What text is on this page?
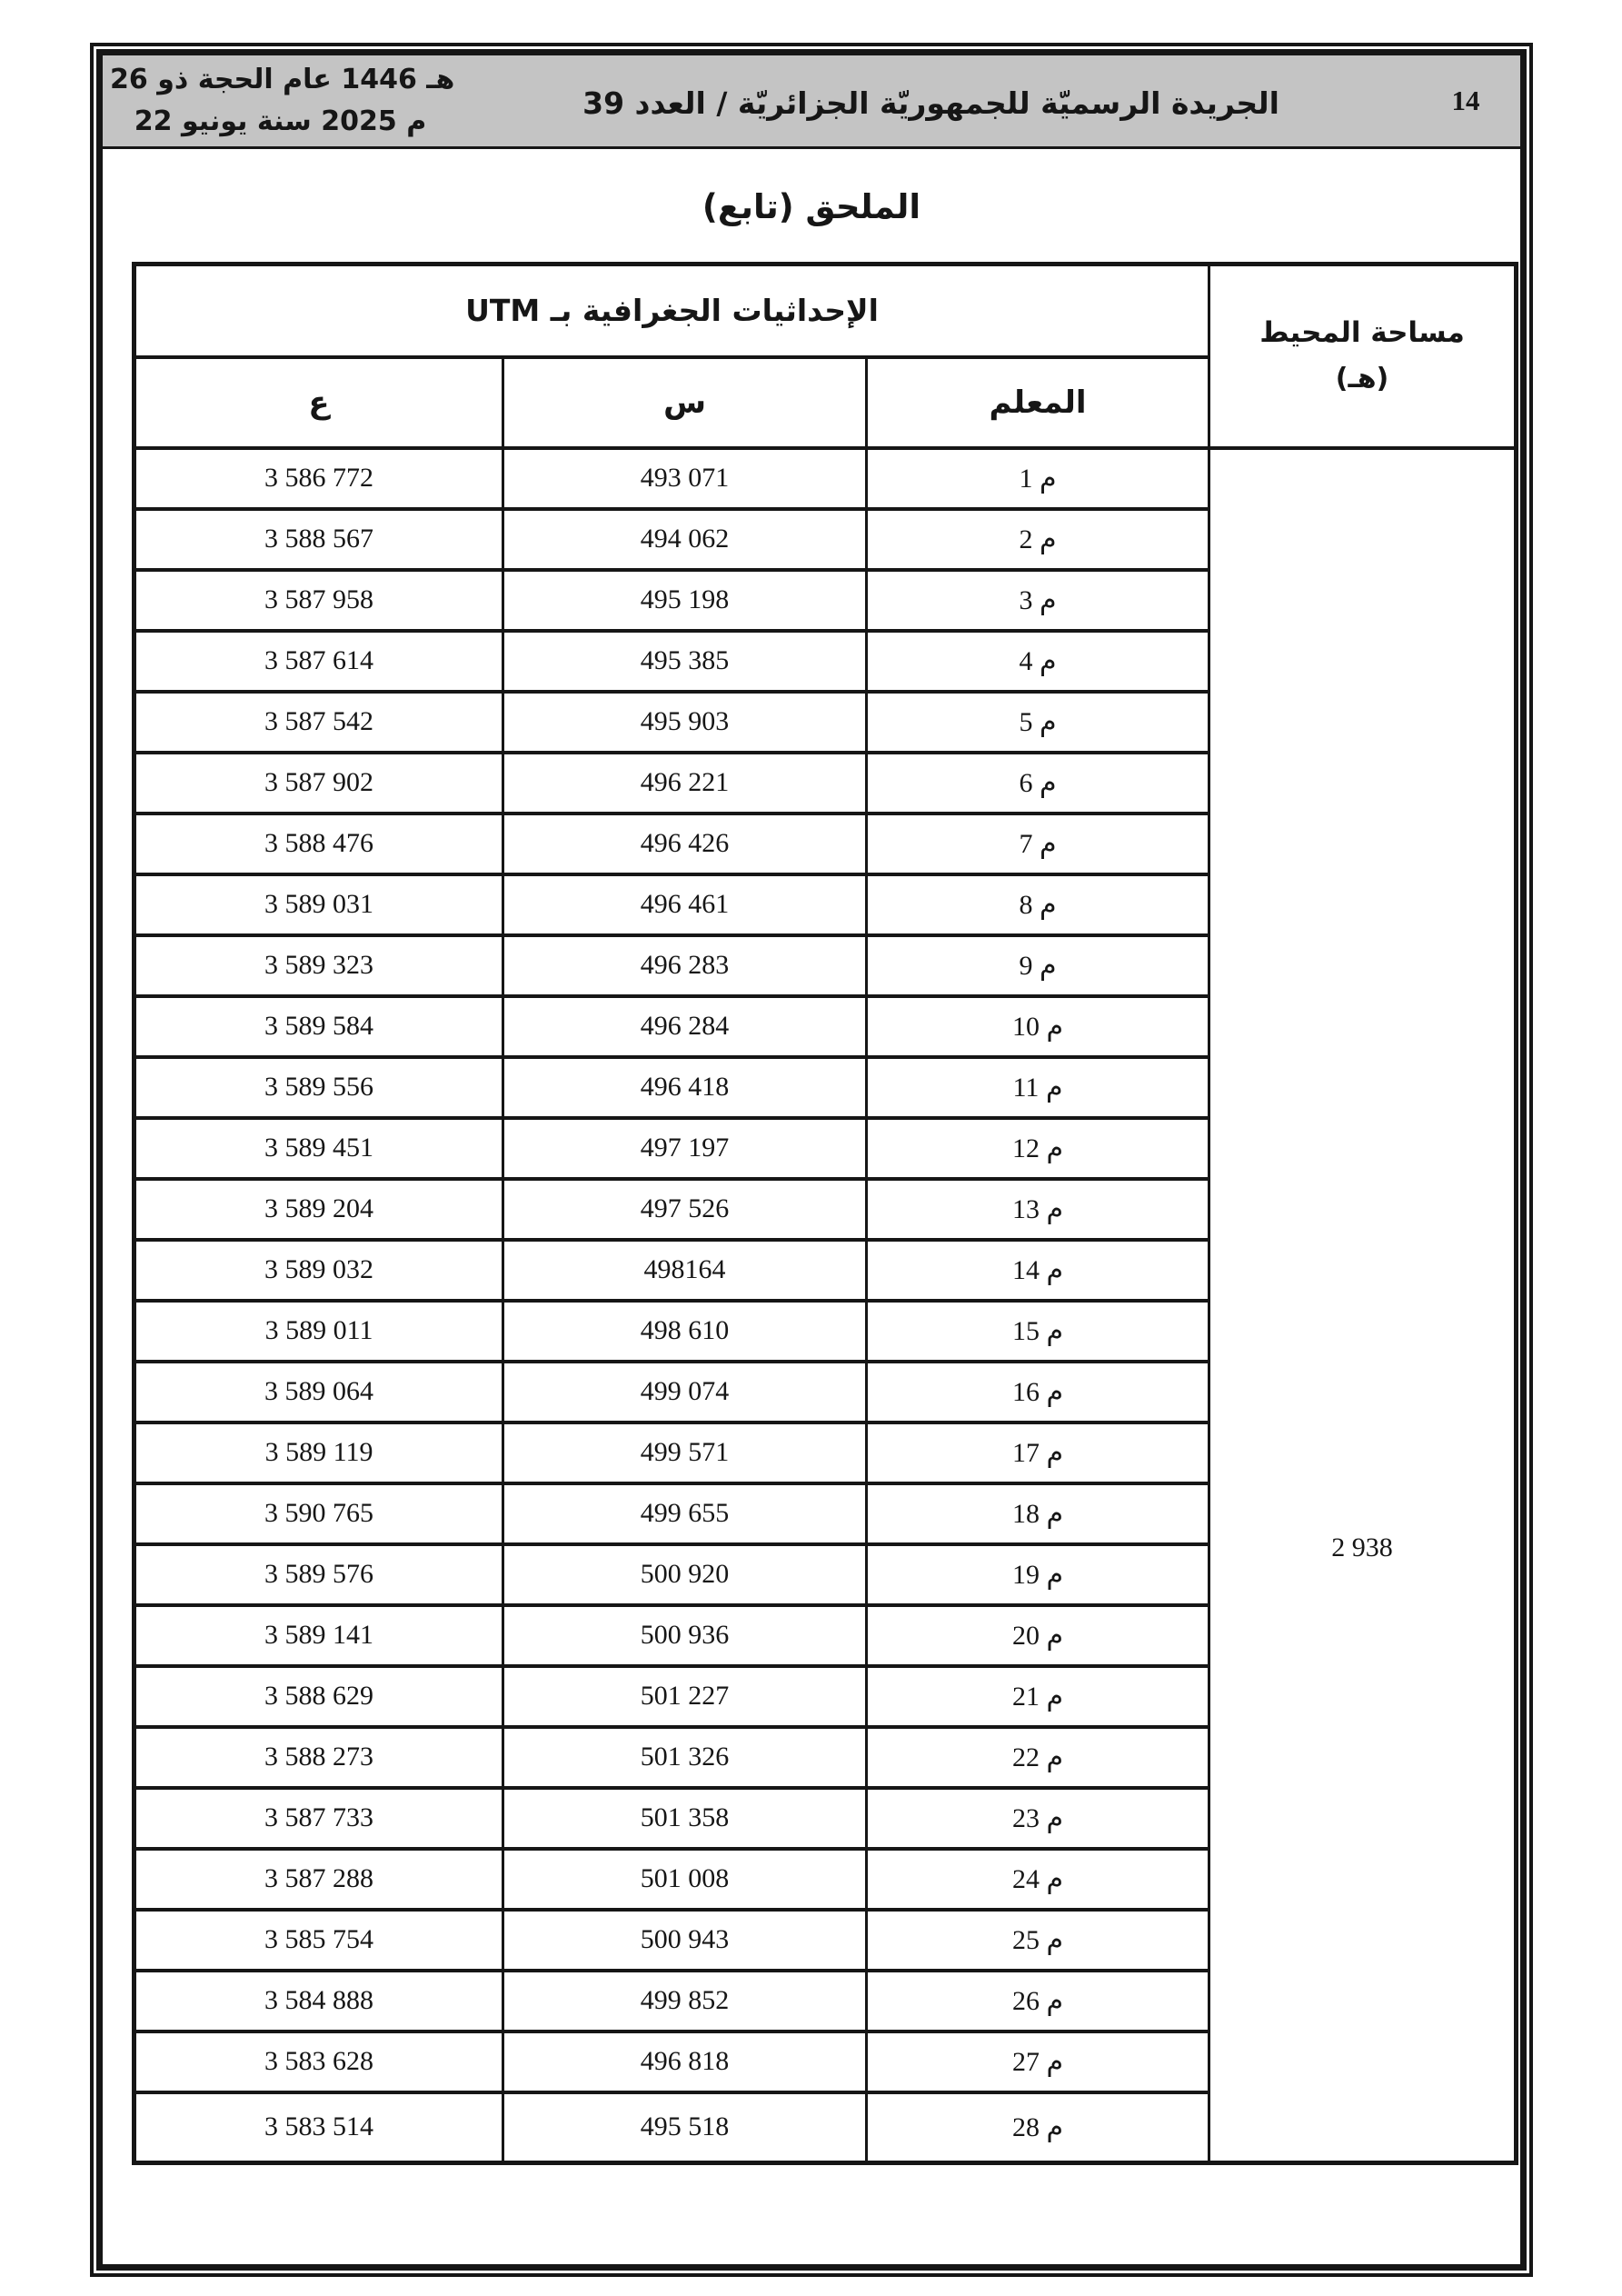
26 ذو‎ الحجة‎ عام‎ 1446 هـ
22 يونيو‎ سنة‎ 2025 م
الجريدة الرسميّة للجمهوريّة الجزائريّة / العدد 39	14
الملحق (تابع)
مساحة المحيط
(هـ)	الإحداثيات الجغرافية بـ UTM		
	المعلم	س	ع

2 938	م 1	493 071	3 586 772
	م 2	494 062	3 588 567
	م 3	495 198	3 587 958
	م 4	495 385	3 587 614
	م 5	495 903	3 587 542
	م 6	496 221	3 587 902
	م 7	496 426	3 588 476
	م 8	496 461	3 589 031
	م 9	496 283	3 589 323
	م 10	496 284	3 589 584
	م 11	496 418	3 589 556
	م 12	497 197	3 589 451
	م 13	497 526	3 589 204
	م 14	498164	3 589 032
	م 15	498 610	3 589 011
	م 16	499 074	3 589 064
	م 17	499 571	3 589 119
	م 18	499 655	3 590 765
	م 19	500 920	3 589 576
	م 20	500 936	3 589 141
	م 21	501 227	3 588 629
	م 22	501 326	3 588 273
	م 23	501 358	3 587 733
	م 24	501 008	3 587 288
	م 25	500 943	3 585 754
	م 26	499 852	3 584 888
	م 27	496 818	3 583 628
	م 28	495 518	3 583 514
